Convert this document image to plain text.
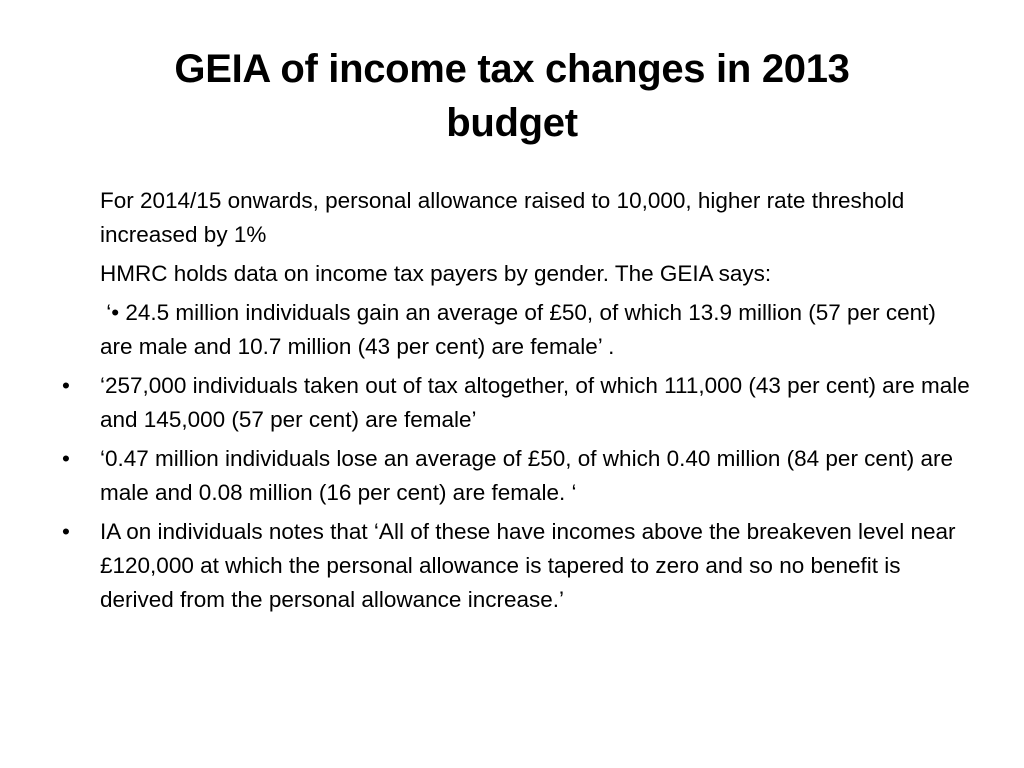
GEIA of income tax changes in 2013
budget
For 2014/15 onwards, personal allowance raised to 10,000, higher rate threshold increased by 1%
HMRC holds data on income tax payers by gender. The GEIA says:
‘• 24.5 million individuals gain an average of £50, of which 13.9 million (57 per cent) are male and 10.7 million (43 per cent) are female’ .
• ‘257,000 individuals taken out of tax altogether, of which 111,000 (43 per cent) are male and 145,000 (57 per cent) are female’
• ‘0.47 million individuals lose an average of £50, of which 0.40 million (84 per cent) are male and 0.08 million (16 per cent) are female. ‘
• IA on individuals notes that ‘All of these have incomes above the breakeven level near £120,000 at which the personal allowance is tapered to zero and so no benefit is derived from the personal allowance increase.’
